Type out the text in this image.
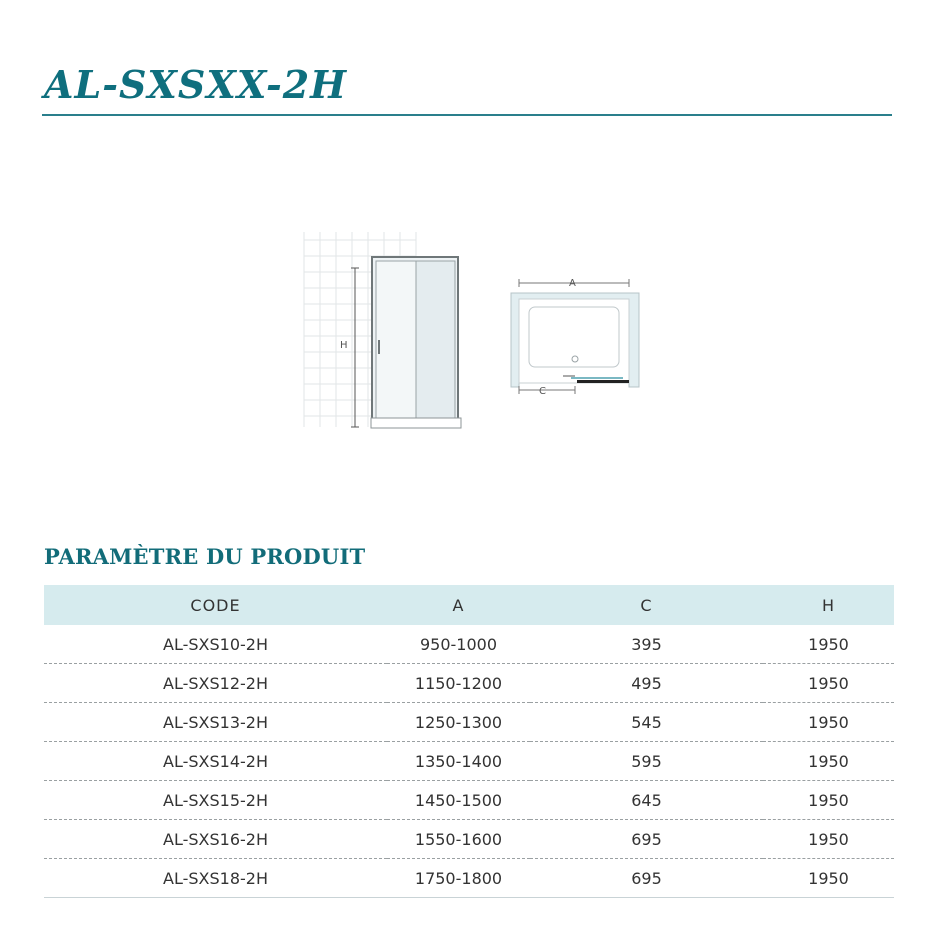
AL-SXSXX-2H
H
A
C
PARAMÈTRE DU PRODUIT
CODE	A	C	H
AL-SXS10-2H	950-1000	395	1950
AL-SXS12-2H	1150-1200	495	1950
AL-SXS13-2H	1250-1300	545	1950
AL-SXS14-2H	1350-1400	595	1950
AL-SXS15-2H	1450-1500	645	1950
AL-SXS16-2H	1550-1600	695	1950
AL-SXS18-2H	1750-1800	695	1950
